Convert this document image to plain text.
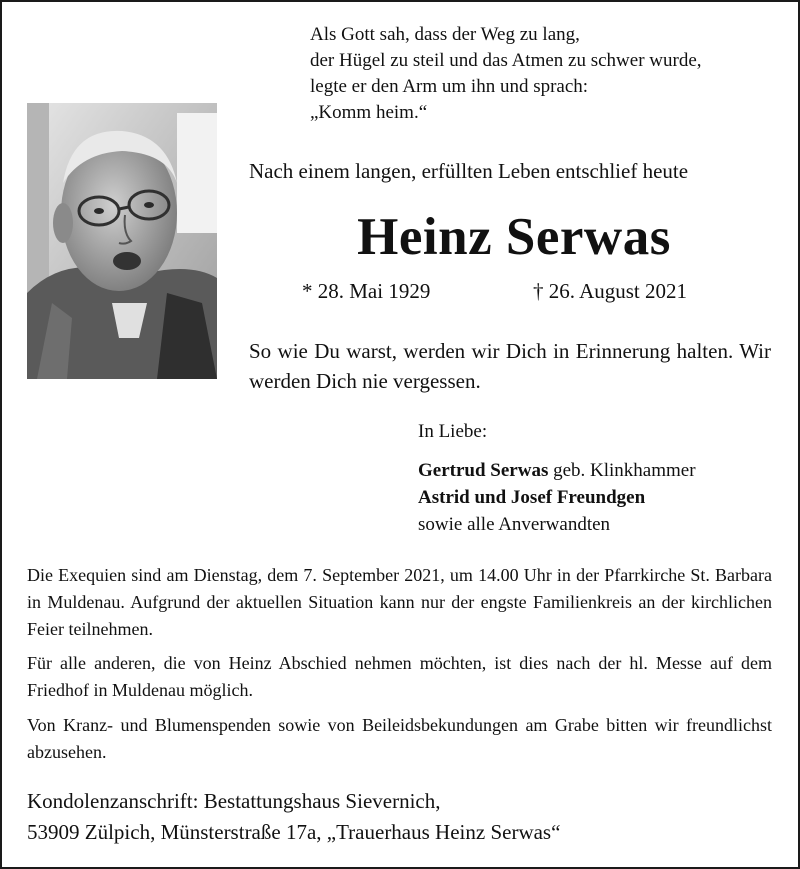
Als Gott sah, dass der Weg zu lang,
der Hügel zu steil und das Atmen zu schwer wurde,
legte er den Arm um ihn und sprach:
„Komm heim.“
Nach einem langen, erfüllten Leben entschlief heute
Heinz Serwas
* 28. Mai 1929	† 26. August 2021
So wie Du warst, werden wir Dich in Erinnerung halten. Wir werden Dich nie vergessen.
In Liebe:
Gertrud Serwas geb. Klinkhammer
Astrid und Josef Freundgen
sowie alle Anverwandten
Die Exequien sind am Dienstag, dem 7. September 2021, um 14.00 Uhr in der Pfarrkirche St. Barbara in Muldenau. Aufgrund der aktuellen Situation kann nur der engste Familienkreis an der kirchlichen Feier teilnehmen.
Für alle anderen, die von Heinz Abschied nehmen möchten, ist dies nach der hl. Messe auf dem Friedhof in Muldenau möglich.
Von Kranz- und Blumenspenden sowie von Beileidsbekundungen am Grabe bitten wir freundlichst abzusehen.
Kondolenzanschrift: Bestattungshaus Sievernich,
53909 Zülpich, Münsterstraße 17a, „Trauerhaus Heinz Serwas“
